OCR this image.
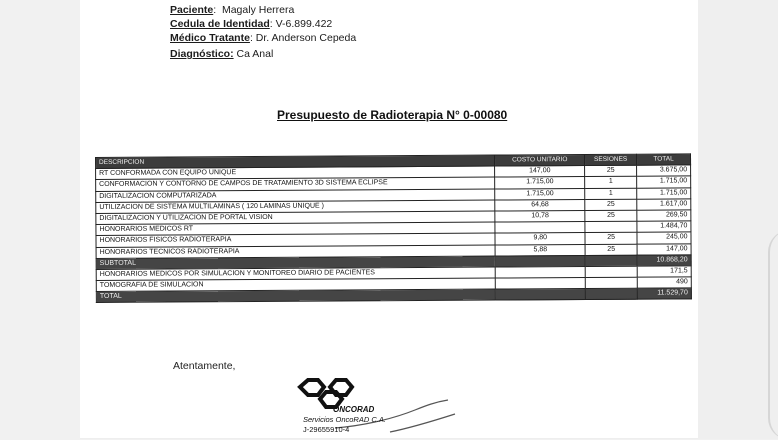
Paciente:  Magaly Herrera
Cedula de Identidad: V-6.899.422
Médico Tratante: Dr. Anderson Cepeda
Diagnóstico: Ca Anal
Presupuesto de Radioterapia N° 0-00080
DESCRIPCION	COSTO UNITARIO	SESIONES	TOTAL
RT CONFORMADA CON EQUIPO UNIQUE	147,00	25	3.675,00
CONFORMACION Y CONTORNO DE CAMPOS DE TRATAMIENTO 3D SISTEMA ECLIPSE	1.715,00	1	1.715,00
DIGITALIZACION COMPUTARIZADA	1.715,00	1	1.715,00
UTILIZACION DE SISTEMA MULTILAMINAS ( 120 LAMINAS UNIQUE )	64,68	25	1.617,00
DIGITALIZACION Y UTILIZACION DE PORTAL VISION	10,78	25	269,50
HONORARIOS MEDICOS RT			1.484,70
HONORARIOS FISICOS RADIOTERAPIA	9,80	25	245,00
HONORARIOS TECNICOS RADIOTERAPIA	5,88	25	147,00
SUBTOTAL			10.868,20
HONORARIOS MEDICOS POR SIMULACION Y MONITOREO DIARIO DE PACIENTES			171,5
TOMOGRAFIA DE SIMULACION			490
TOTAL			11.529,70
Atentamente,
ONCORAD
Servicios OncoRAD C.A.
J-29655910-4
